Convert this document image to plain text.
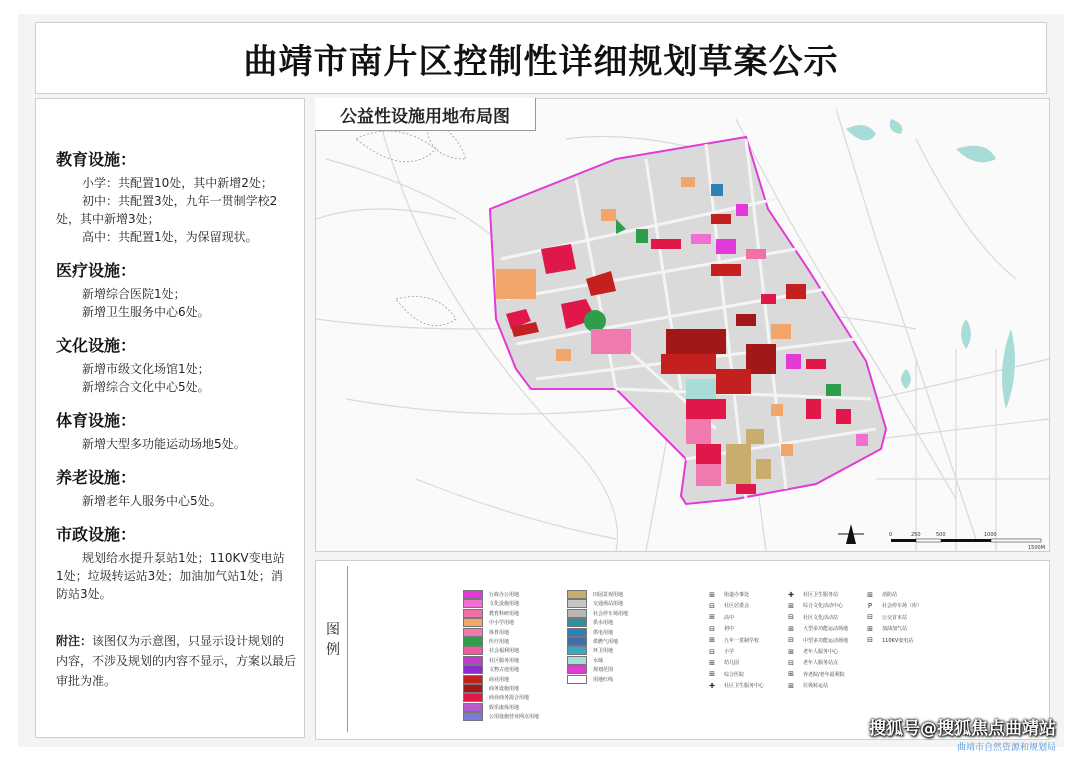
曲靖市南片区控制性详细规划草案公示
教育设施：
小学：共配置10处，其中新增2处；
初中：共配置3处，九年一贯制学校2处，其中新增3处；
高中：共配置1处，为保留现状。
医疗设施：
新增综合医院1处；
新增卫生服务中心6处。
文化设施：
新增市级文化场馆1处；
新增综合文化中心5处。
体育设施：
新增大型多功能运动场地5处。
养老设施：
新增老年人服务中心5处。
市政设施：
规划给水提升泵站1处；110KV变电站1处；垃圾转运站3处；加油加气站1处；消防站3处。
附注：该图仅为示意图，只显示设计规划的内容，不涉及规划的内容不显示，方案以最后审批为准。
0	250	500	1000
1500M
公益性设施用地布局图
图例
行政办公用地
文化设施用地
教育科研用地
中小学用地
体育用地
医疗用地
社会福利用地
社区服务用地
文物古迹用地
商业用地
商务设施用地
商业商务混合用地
娱乐康体用地
公用设施营业网点用地
田园景观用地
交通场站用地
社会停车场用地
供水用地
供电用地
供燃气用地
环卫用地
水域
规划范围
用地红线
⊞ 街道办事处
⊟ 社区居委会
⊞ 高中
⊟ 初中
⊞ 九年一贯制学校
⊟ 小学
⊞ 幼儿园
⊞ 综合医院
✚ 社区卫生服务中心
✚ 社区卫生服务站
⊞ 综合文化活动中心
⊟ 社区文化活动站
⊞ 大型多功能运动场地
⊟ 中型多功能运动场地
⊞ 老年人服务中心
⊟ 老年人服务站点
⊞ 养老院/老年福利院
⊞ 垃圾转运站
⊞ 消防站
P	社会停车场（库）
⊟ 公交首末站
⊞ 加油加气站
⊟ 110KV变电站
搜狐号@搜狐焦点曲靖站
曲靖市自然资源和规划局
